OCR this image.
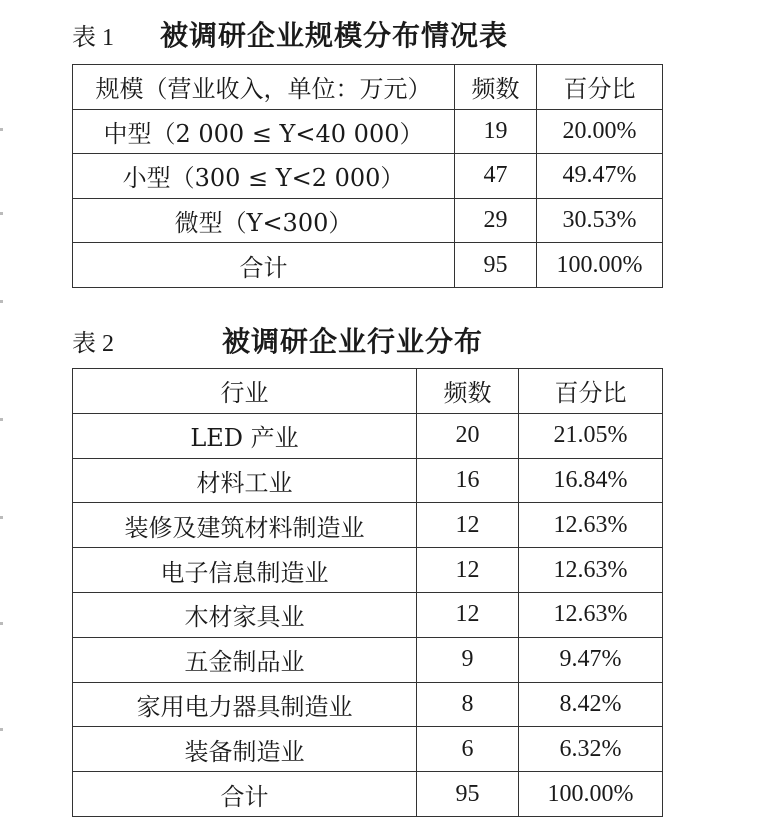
表 1 被调研企业规模分布情况表
规模（营业收入，单位：万元）	频数	百分比
中型（2 000 ≤ Y<40 000）	19	20.00%
小型（300 ≤ Y<2 000）	47	49.47%
微型（Y<300）	29	30.53%
合计	95	100.00%
表 2	被调研企业行业分布
行业	频数	百分比
LED 产业	20	21.05%
材料工业	16	16.84%
装修及建筑材料制造业	12	12.63%
电子信息制造业	12	12.63%
木材家具业	12	12.63%
五金制品业	9	9.47%
家用电力器具制造业	8	8.42%
装备制造业	6	6.32%
合计	95	100.00%
